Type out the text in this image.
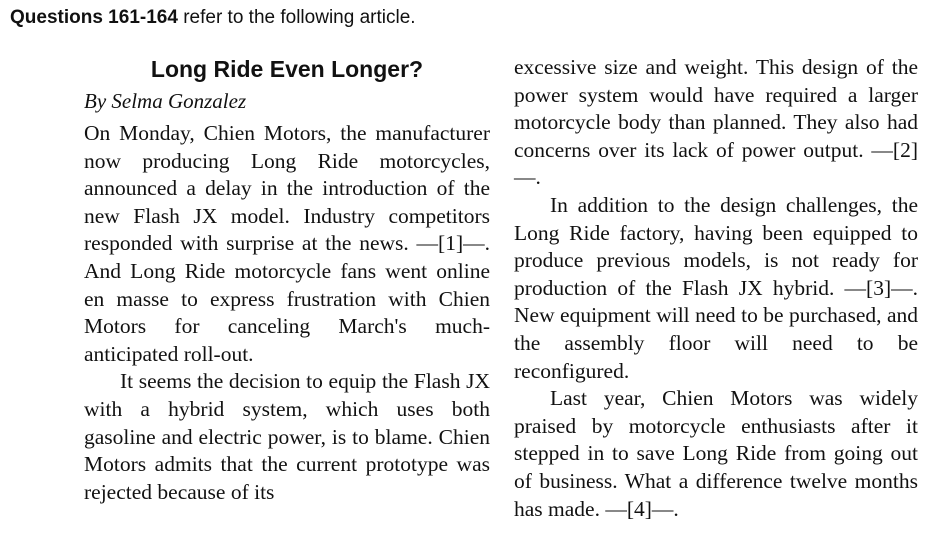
Questions 161-164 refer to the following article.
Long Ride Even Longer?
By Selma Gonzalez

On Monday, Chien Motors, the manufacturer now producing Long Ride motorcycles, announced a delay in the introduction of the new Flash JX model. Industry competitors responded with surprise at the news. —[1]—. And Long Ride motorcycle fans went online en masse to express frustration with Chien Motors for canceling March's much-anticipated roll-out.

It seems the decision to equip the Flash JX with a hybrid system, which uses both gasoline and electric power, is to blame. Chien Motors admits that the current prototype was rejected because of its

excessive size and weight. This design of the power system would have required a larger motorcycle body than planned. They also had concerns over its lack of power output. —[2]—.

In addition to the design challenges, the Long Ride factory, having been equipped to produce previous models, is not ready for production of the Flash JX hybrid. —[3]—. New equipment will need to be purchased, and the assembly floor will need to be reconfigured.

Last year, Chien Motors was widely praised by motorcycle enthusiasts after it stepped in to save Long Ride from going out of business. What a difference twelve months has made. —[4]—.
